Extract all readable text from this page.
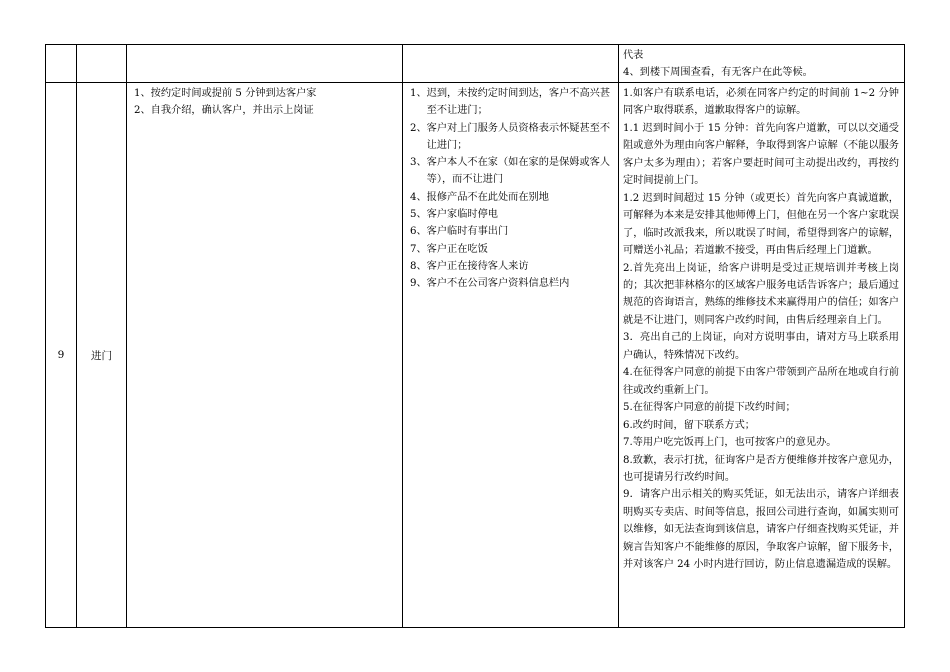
代表
4、到楼下周围查看，有无客户在此等候。
9	进门
1、 按约定时间或提前 5 分钟到达客户家
2、 自我介绍，确认客户，并出示上岗证
1、 迟到，未按约定时间到达，客户不高兴甚至不让进门；
2、 客户对上门服务人员资格表示怀疑甚至不让进门；
3、 客户本人不在家（如在家的是保姆或客人等），而不让进门
4、 报修产品不在此处而在别地
5、 客户家临时停电
6、 客户临时有事出门
7、 客户正在吃饭
8、 客户正在接待客人来访
9、 客户不在公司客户资料信息栏内

1.如客户有联系电话，必须在同客户约定的时间前 1~2 分钟同客户取得联系，道歉取得客户的谅解。

1.1 迟到时间小于 15 分钟：首先向客户道歉，可以以交通受阻或意外为理由向客户解释，争取得到客户谅解（不能以服务客户太多为理由）；若客户要赶时间可主动提出改约，再按约定时间提前上门。

1.2 迟到时间超过 15 分钟（或更长）首先向客户真诚道歉，可解释为本来是安排其他师傅上门，但他在另一个客户家耽误了，临时改派我来，所以耽误了时间，希望得到客户的谅解，可赠送小礼品；若道歉不接受，再由售后经理上门道歉。

2.首先亮出上岗证，给客户讲明是受过正规培训并考核上岗的；其次把菲林格尔的区域客户服务电话告诉客户；最后通过规范的咨询语言，熟练的维修技术来赢得用户的信任；如客户就是不让进门，则同客户改约时间，由售后经理亲自上门。

3．亮出自己的上岗证，向对方说明事由，请对方马上联系用户确认，特殊情况下改约。

4.在征得客户同意的前提下由客户带领到产品所在地或自行前往或改约重新上门。

5.在征得客户同意的前提下改约时间；

6.改约时间，留下联系方式；

7.等用户吃完饭再上门，也可按客户的意见办。

8.致歉，表示打扰，征询客户是否方便维修并按客户意见办，也可提请另行改约时间。

9．请客户出示相关的购买凭证，如无法出示，请客户详细表明购买专卖店、时间等信息，报回公司进行查询，如属实则可以维修，如无法查询到该信息，请客户仔细查找购买凭证，并婉言告知客户不能维修的原因，争取客户谅解，留下服务卡，并对该客户 24 小时内进行回访，防止信息遗漏造成的误解。
